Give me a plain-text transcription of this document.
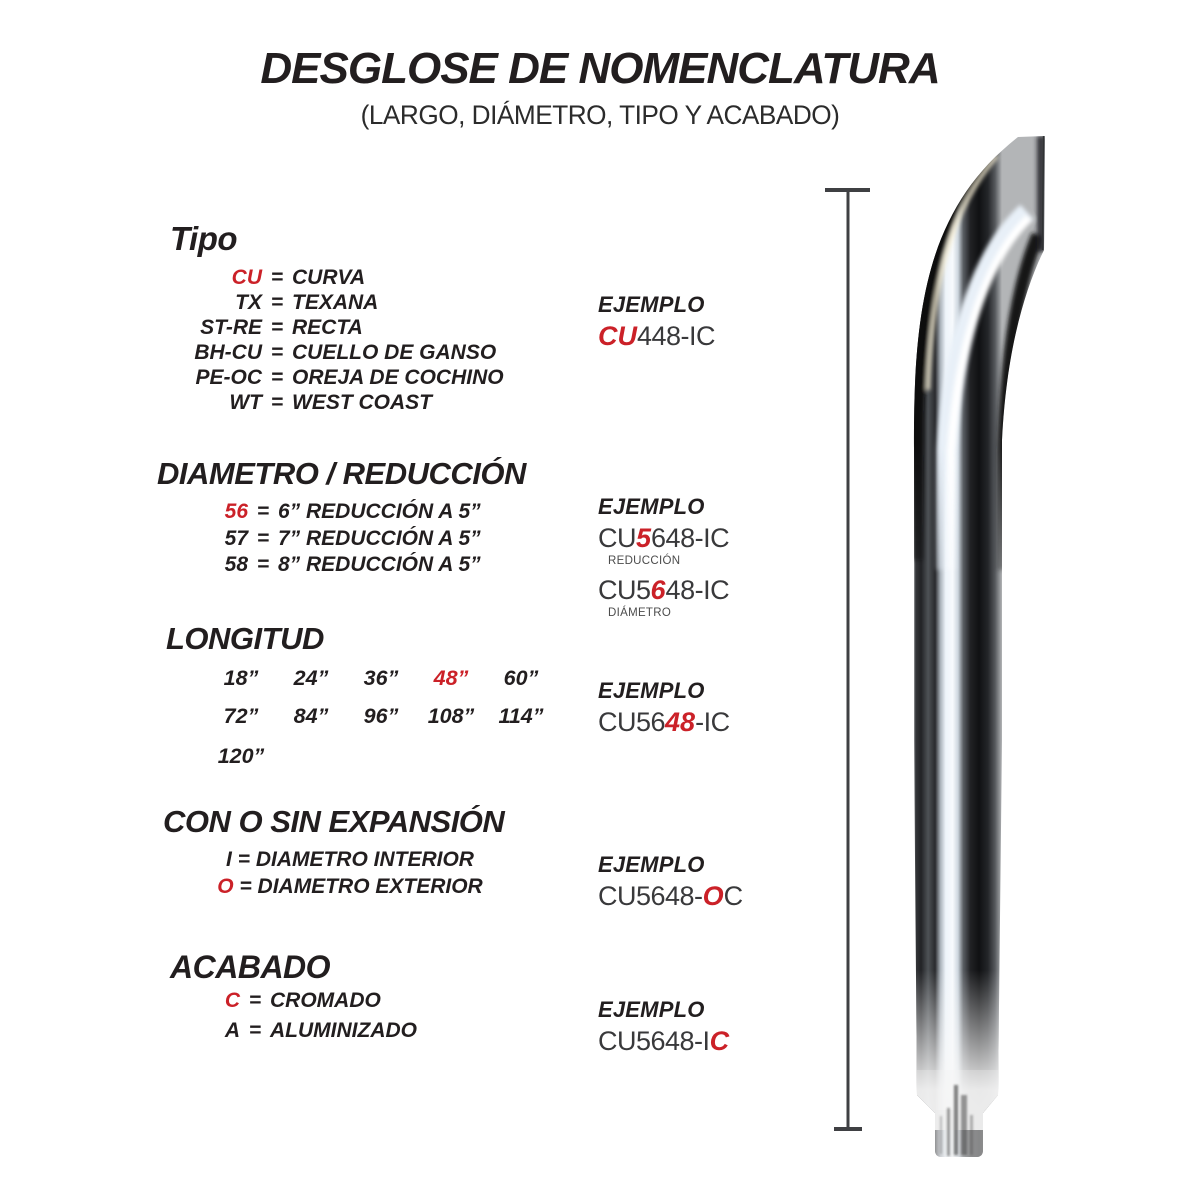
DESGLOSE DE NOMENCLATURA
(LARGO, DIÁMETRO, TIPO Y ACABADO)
Tipo
CU = CURVA
TX = TEXANA
ST-RE = RECTA
BH-CU = CUELLO DE GANSO
PE-OC = OREJA DE COCHINO
WT = WEST COAST
EJEMPLO
CU448-IC
DIAMETRO / REDUCCIÓN
56 = 6” REDUCCIÓN A 5”
57 = 7” REDUCCIÓN A 5”
58 = 8” REDUCCIÓN A 5”
EJEMPLO
CU5648-IC
REDUCCIÓN
CU5648-IC
DIÁMETRO
LONGITUD
18”	24”	36”	48”	60”
72”	84”	96”	108”	114”
120”
EJEMPLO
CU5648-IC
CON O SIN EXPANSIÓN
I = DIAMETRO INTERIOR
O = DIAMETRO EXTERIOR
EJEMPLO
CU5648-OC
ACABADO
C = CROMADO
A = ALUMINIZADO
EJEMPLO
CU5648-IC
